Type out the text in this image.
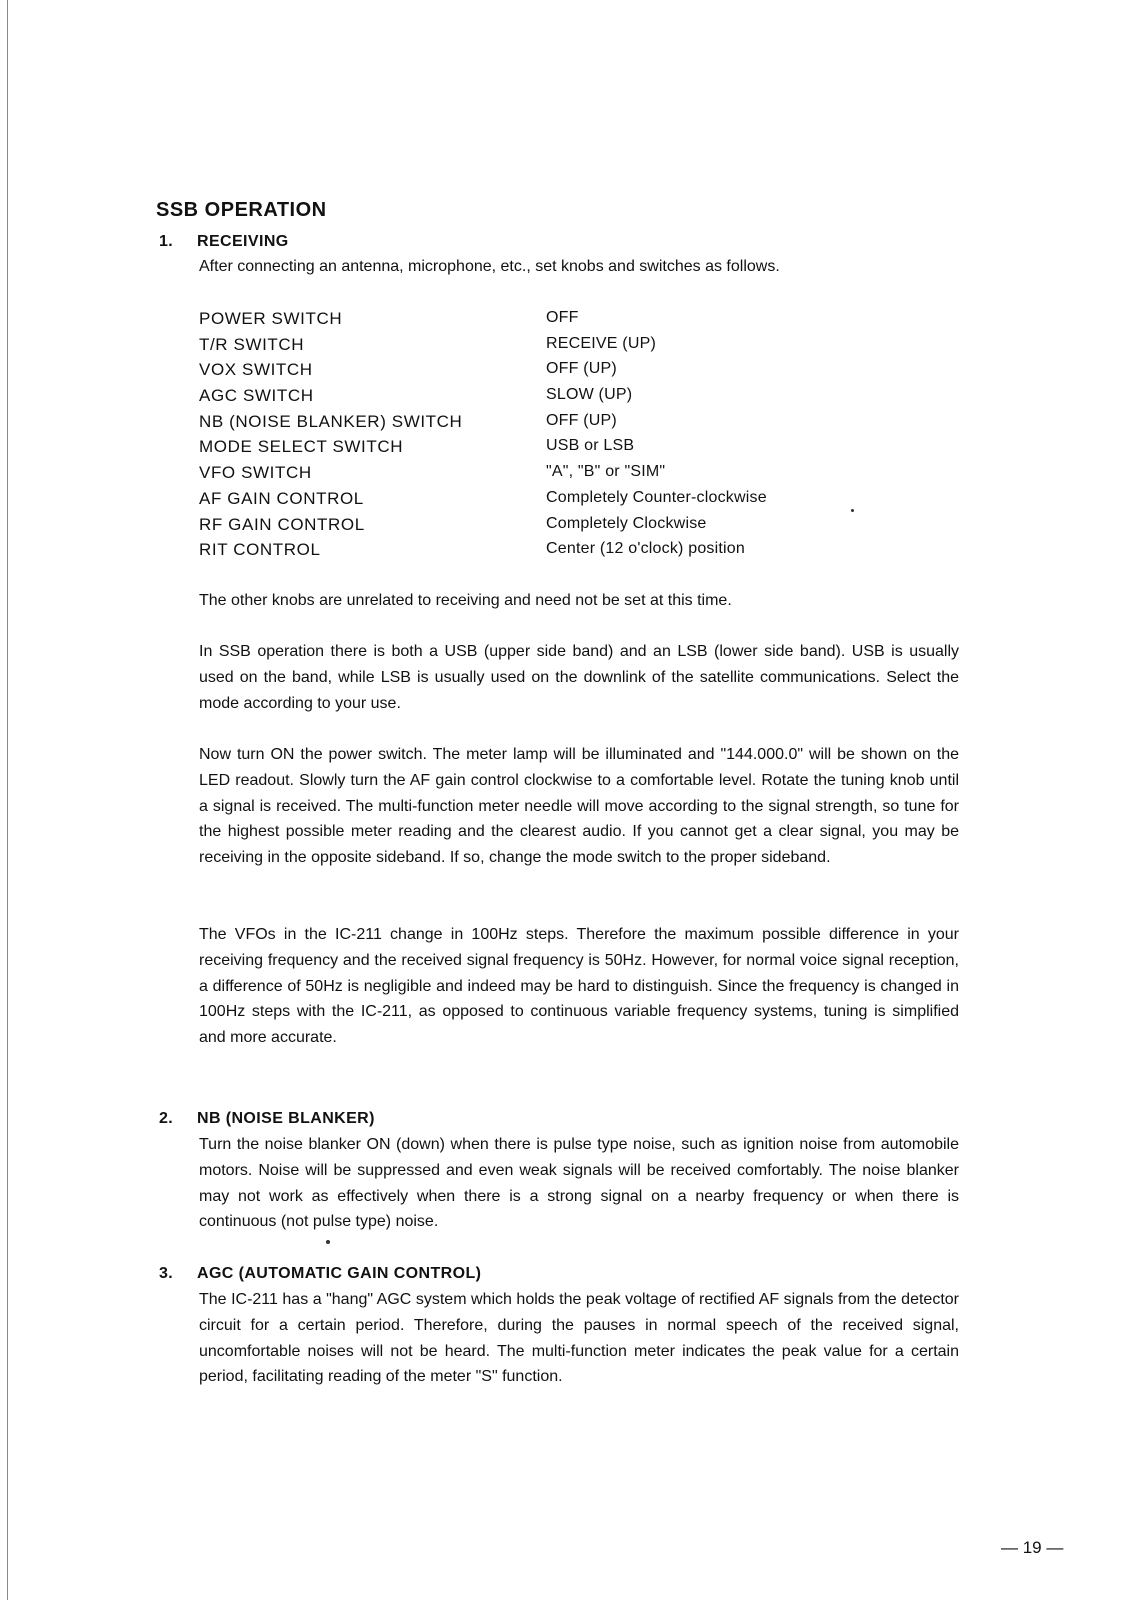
SSB OPERATION
1. RECEIVING
After connecting an antenna, microphone, etc., set knobs and switches as follows.
POWER SWITCH	OFF
T/R SWITCH	RECEIVE (UP)
VOX SWITCH	OFF (UP)
AGC SWITCH	SLOW (UP)
NB (NOISE BLANKER) SWITCH	OFF (UP)
MODE SELECT SWITCH	USB or LSB
VFO SWITCH	"A", "B" or "SIM"
AF GAIN CONTROL	Completely Counter-clockwise
RF GAIN CONTROL	Completely Clockwise
RIT CONTROL	Center (12 o'clock) position
The other knobs are unrelated to receiving and need not be set at this time.

In SSB operation there is both a USB (upper side band) and an LSB (lower side band). USB is usually used on the band, while LSB is usually used on the downlink of the satellite communications. Select the mode according to your use.

Now turn ON the power switch. The meter lamp will be illuminated and "144.000.0" will be shown on the LED readout. Slowly turn the AF gain control clockwise to a comfortable level. Rotate the tuning knob until a signal is received. The multi-function meter needle will move according to the signal strength, so tune for the highest possible meter reading and the clearest audio. If you cannot get a clear signal, you may be receiving in the opposite sideband. If so, change the mode switch to the proper sideband.

The VFOs in the IC-211 change in 100Hz steps. Therefore the maximum possible difference in your receiving frequency and the received signal frequency is 50Hz. However, for normal voice signal reception, a difference of 50Hz is negligible and indeed may be hard to distinguish. Since the frequency is changed in 100Hz steps with the IC-211, as opposed to continuous variable frequency systems, tuning is simplified and more accurate.

2. NB (NOISE BLANKER)

Turn the noise blanker ON (down) when there is pulse type noise, such as ignition noise from automobile motors. Noise will be suppressed and even weak signals will be received comfortably. The noise blanker may not work as effectively when there is a strong signal on a nearby frequency or when there is continuous (not pulse type) noise.

3. AGC (AUTOMATIC GAIN CONTROL)

The IC-211 has a "hang" AGC system which holds the peak voltage of rectified AF signals from the detector circuit for a certain period. Therefore, during the pauses in normal speech of the received signal, uncomfortable noises will not be heard. The multi-function meter indicates the peak value for a certain period, facilitating reading of the meter "S" function.

— 19 —
